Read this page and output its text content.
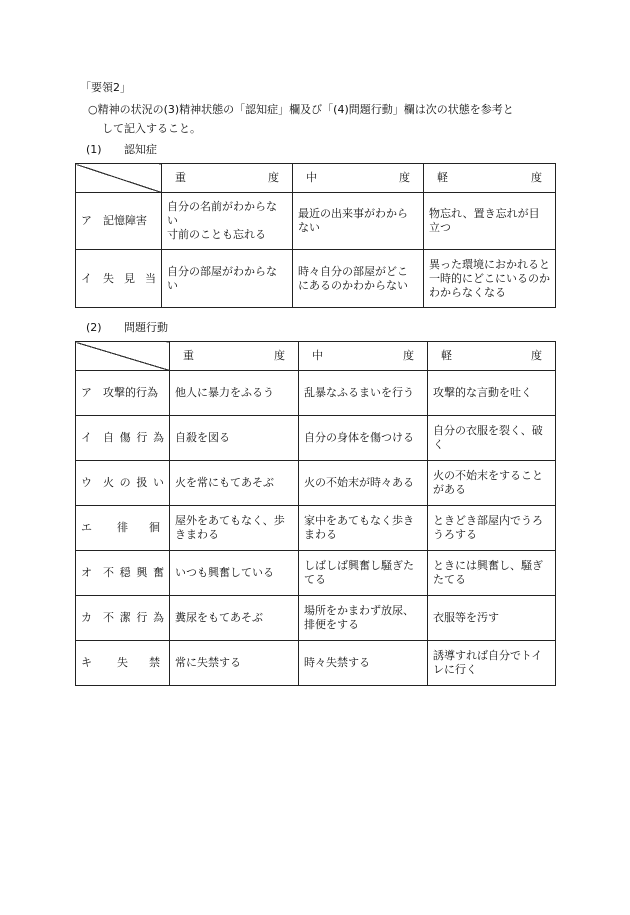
「要領2」
○精神の状況の(3)精神状態の「認知症」欄及び「(4)問題行動」欄は次の状態を参考と
して記入すること。
(1) 認知症

	重 度	中 度	軽 度

ア 記憶障害	自分の名前がわからない
寸前のことも忘れる	最近の出来事がわからない	物忘れ、置き忘れが目立つ

イ 失 見 当	自分の部屋がわからない	時々自分の部屋がどこにあるのかわからない	異った環境におかれると一時的にどこにいるのかわからなくなる
(2) 問題行動

	重 度	中 度	軽 度

ア 攻撃的行為	他人に暴力をふるう	乱暴なふるまいを行う	攻撃的な言動を吐く

イ 自 傷 行 為	自殺を図る	自分の身体を傷つける	自分の衣服を裂く、破く

ウ 火 の 扱 い	火を常にもてあそぶ	火の不始末が時々ある	火の不始末をすることがある

エ 徘 徊	屋外をあてもなく、歩きまわる	家中をあてもなく歩きまわる	ときどき部屋内でうろうろする

オ 不 穏 興 奮	いつも興奮している	しばしば興奮し騒ぎたてる	ときには興奮し、騒ぎたてる

カ 不 潔 行 為	糞尿をもてあそぶ	場所をかまわず放尿、排便をする	衣服等を汚す

キ 失 禁	常に失禁する	時々失禁する	誘導すれば自分でトイレに行く
